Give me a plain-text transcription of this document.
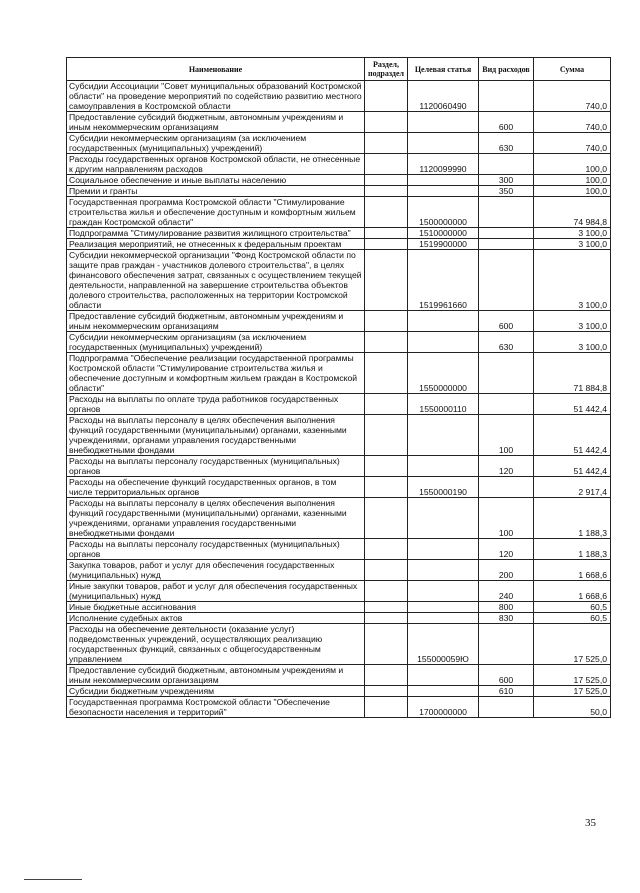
Наименование	Раздел, подраздел	Целевая статья	Вид расходов	Сумма
Субсидии Ассоциации "Совет муниципальных образований Костромской области" на проведение мероприятий по содействию развитию местного самоуправления в Костромской области		1120060490		740,0
Предоставление субсидий бюджетным, автономным учреждениям и иным некоммерческим организациям			600	740,0
Субсидии некоммерческим организациям (за исключением государственных (муниципальных) учреждений)			630	740,0
Расходы государственных органов Костромской области, не отнесенные к другим направлениям расходов		1120099990		100,0
Социальное обеспечение и иные выплаты населению			300	100,0
Премии и гранты			350	100,0
Государственная программа Костромской области "Стимулирование строительства жилья и обеспечение доступным и комфортным жильем граждан Костромской области"		1500000000		74 984,8
Подпрограмма "Стимулирование развития жилищного строительства"		1510000000		3 100,0
Реализация мероприятий, не отнесенных к федеральным проектам		1519900000		3 100,0
Субсидии некоммерческой организации "Фонд Костромской области по защите прав граждан - участников долевого строительства", в целях финансового обеспечения затрат, связанных с осуществлением текущей деятельности, направленной на завершение строительства объектов долевого строительства, расположенных на территории Костромской области		1519961660		3 100,0
Предоставление субсидий бюджетным, автономным учреждениям и иным некоммерческим организациям			600	3 100,0
Субсидии некоммерческим организациям (за исключением государственных (муниципальных) учреждений)			630	3 100,0
Подпрограмма "Обеспечение реализации государственной программы Костромской области "Стимулирование строительства жилья и обеспечение доступным и комфортным жильем граждан в Костромской области"		1550000000		71 884,8
Расходы на выплаты по оплате труда работников государственных органов		1550000110		51 442,4
Расходы на выплаты персоналу в целях обеспечения выполнения функций государственными (муниципальными) органами, казенными учреждениями, органами управления государственными внебюджетными фондами			100	51 442,4
Расходы на выплаты персоналу государственных (муниципальных) органов			120	51 442,4
Расходы на обеспечение функций государственных органов, в том числе территориальных органов		1550000190		2 917,4
Расходы на выплаты персоналу в целях обеспечения выполнения функций государственными (муниципальными) органами, казенными учреждениями, органами управления государственными внебюджетными фондами			100	1 188,3
Расходы на выплаты персоналу государственных (муниципальных) органов			120	1 188,3
Закупка товаров, работ и услуг для обеспечения государственных (муниципальных) нужд			200	1 668,6
Иные закупки товаров, работ и услуг для обеспечения государственных (муниципальных) нужд			240	1 668,6
Иные бюджетные ассигнования			800	60,5
Исполнение судебных актов			830	60,5
Расходы на обеспечение деятельности (оказание услуг) подведомственных учреждений, осуществляющих реализацию государственных функций, связанных с общегосударственным управлением		155000059Ю		17 525,0
Предоставление субсидий бюджетным, автономным учреждениям и иным некоммерческим организациям			600	17 525,0
Субсидии бюджетным учреждениям			610	17 525,0
Государственная программа Костромской области "Обеспечение безопасности населения и территорий"		1700000000		50,0
35
